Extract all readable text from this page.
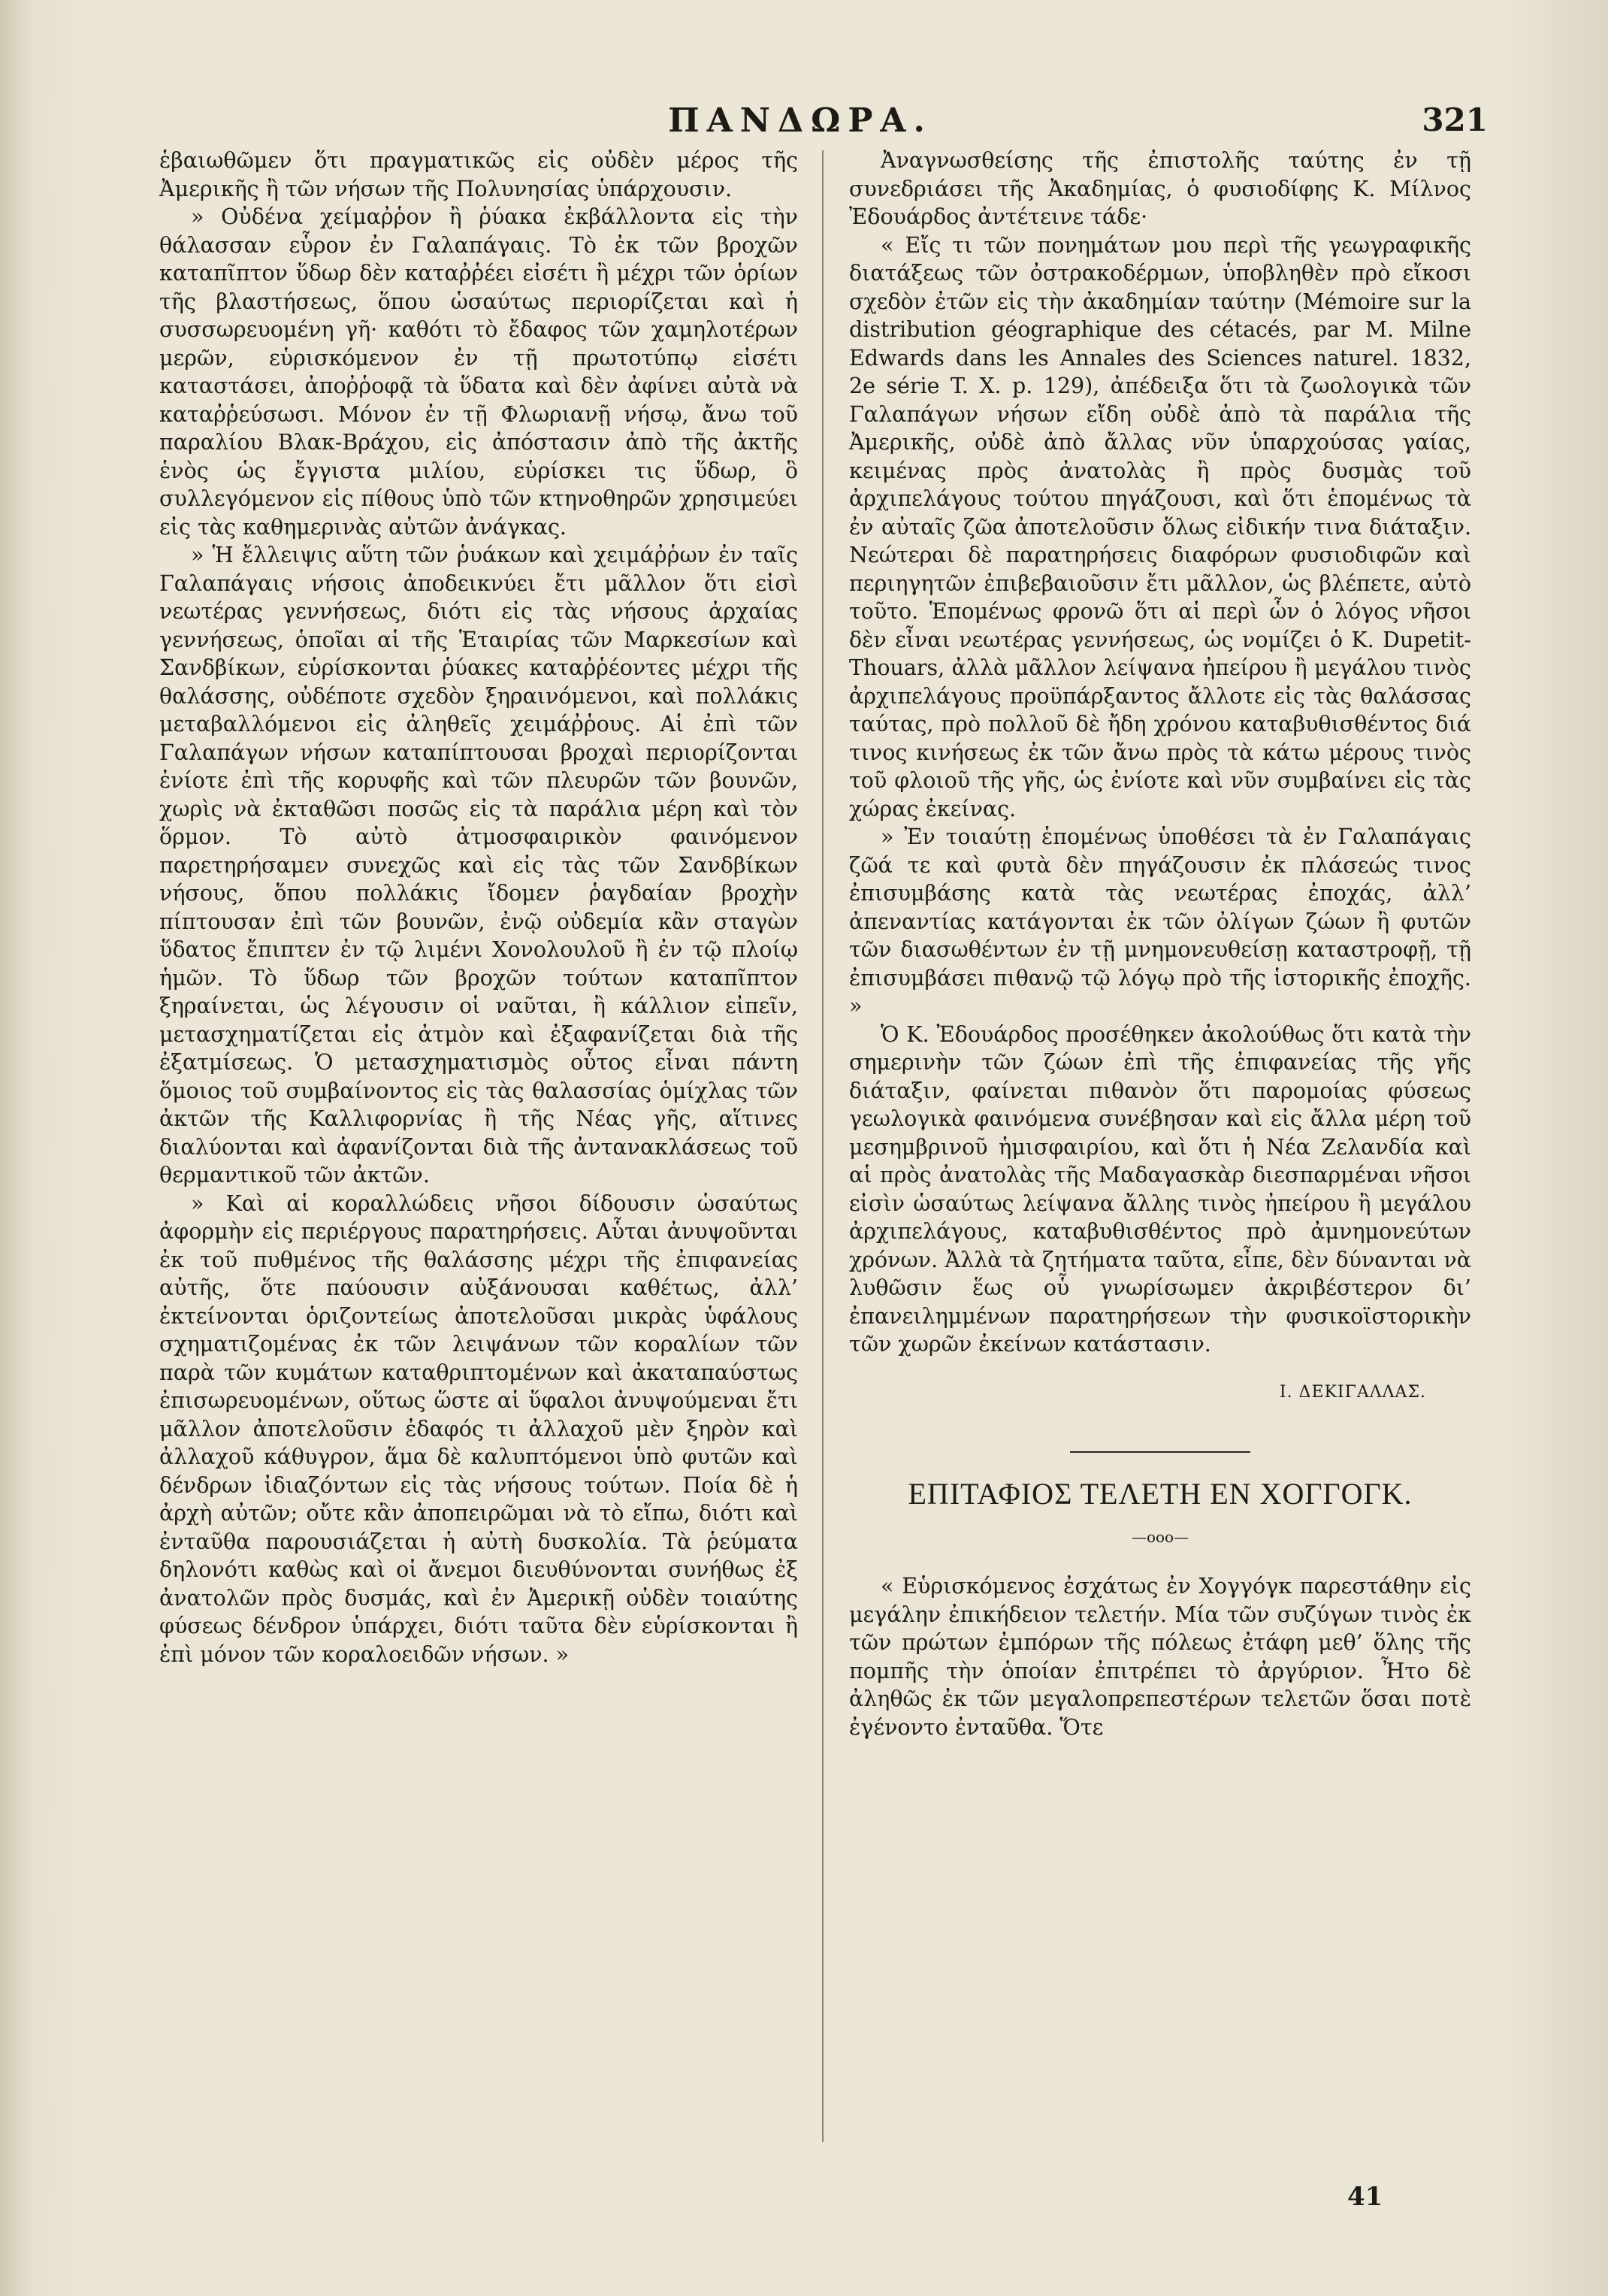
ΠΑΝΔΩΡΑ.	321

ἑβαιωθῶμεν ὅτι πραγματικῶς εἰς οὐδὲν μέρος τῆς Ἀμερικῆς ἢ τῶν νήσων τῆς Πολυνησίας ὑπάρχουσιν.

» Οὐδένα χείμαῤῥον ἢ ῥύακα ἐκβάλλοντα εἰς τὴν θάλασσαν εὗρον ἐν Γαλαπάγαις. Τὸ ἐκ τῶν βροχῶν καταπῖπτον ὕδωρ δὲν καταῤῥέει εἰσέτι ἢ μέχρι τῶν ὁρίων τῆς βλαστήσεως, ὅπου ὡσαύτως περιορίζεται καὶ ἡ συσσωρευομένη γῆ· καθότι τὸ ἔδαφος τῶν χαμηλοτέρων μερῶν, εὑρισκόμενον ἐν τῇ πρωτοτύπῳ εἰσέτι καταστάσει, ἀποῤῥοφᾷ τὰ ὕδατα καὶ δὲν ἀφίνει αὐτὰ νὰ καταῤῥεύσωσι. Μόνον ἐν τῇ Φλωριανῇ νήσῳ, ἄνω τοῦ παραλίου Βλακ-Βράχου, εἰς ἀπόστασιν ἀπὸ τῆς ἀκτῆς ἑνὸς ὡς ἔγγιστα μιλίου, εὑρίσκει τις ὕδωρ, ὃ συλλεγόμενον εἰς πίθους ὑπὸ τῶν κτηνοθηρῶν χρησιμεύει εἰς τὰς καθημερινὰς αὐτῶν ἀνάγκας.

» Ἡ ἔλλειψις αὕτη τῶν ῥυάκων καὶ χειμάῤῥων ἐν ταῖς Γαλαπάγαις νήσοις ἀποδεικνύει ἔτι μᾶλλον ὅτι εἰσὶ νεωτέρας γεννήσεως, διότι εἰς τὰς νήσους ἀρχαίας γεννήσεως, ὁποῖαι αἱ τῆς Ἑταιρίας τῶν Μαρκεσίων καὶ Σανδβίκων, εὑρίσκονται ῥύακες καταῤῥέοντες μέχρι τῆς θαλάσσης, οὐδέποτε σχεδὸν ξηραινόμενοι, καὶ πολλάκις μεταβαλλόμενοι εἰς ἀληθεῖς χειμάῤῥους. Αἱ ἐπὶ τῶν Γαλαπάγων νήσων καταπίπτουσαι βροχαὶ περιορίζονται ἐνίοτε ἐπὶ τῆς κορυφῆς καὶ τῶν πλευρῶν τῶν βουνῶν, χωρὶς νὰ ἐκταθῶσι ποσῶς εἰς τὰ παράλια μέρη καὶ τὸν ὅρμον. Τὸ αὐτὸ ἀτμοσφαιρικὸν φαινόμενον παρετηρήσαμεν συνεχῶς καὶ εἰς τὰς τῶν Σανδβίκων νήσους, ὅπου πολλάκις ἴδομεν ῥαγδαίαν βροχὴν πίπτουσαν ἐπὶ τῶν βουνῶν, ἐνῷ οὐδεμία κἂν σταγὼν ὕδατος ἔπιπτεν ἐν τῷ λιμένι Χονολουλοῦ ἢ ἐν τῷ πλοίῳ ἡμῶν. Τὸ ὕδωρ τῶν βροχῶν τούτων καταπῖπτον ξηραίνεται, ὡς λέγουσιν οἱ ναῦται, ἢ κάλλιον εἰπεῖν, μετασχηματίζεται εἰς ἀτμὸν καὶ ἐξαφανίζεται διὰ τῆς ἐξατμίσεως. Ὁ μετασχηματισμὸς οὗτος εἶναι πάντη ὅμοιος τοῦ συμβαίνοντος εἰς τὰς θαλασσίας ὁμίχλας τῶν ἀκτῶν τῆς Καλλιφορνίας ἢ τῆς Νέας γῆς, αἵτινες διαλύονται καὶ ἀφανίζονται διὰ τῆς ἀντανακλάσεως τοῦ θερμαντικοῦ τῶν ἀκτῶν.

» Καὶ αἱ κοραλλώδεις νῆσοι δίδουσιν ὡσαύτως ἀφορμὴν εἰς περιέργους παρατηρήσεις. Αὗται ἀνυψοῦνται ἐκ τοῦ πυθμένος τῆς θαλάσσης μέχρι τῆς ἐπιφανείας αὐτῆς, ὅτε παύουσιν αὐξάνουσαι καθέτως, ἀλλ’ ἐκτείνονται ὁριζοντείως ἀποτελοῦσαι μικρὰς ὑφάλους σχηματιζομένας ἐκ τῶν λειψάνων τῶν κοραλίων τῶν παρὰ τῶν κυμάτων καταθριπτομένων καὶ ἀκαταπαύστως ἐπισωρευομένων, οὕτως ὥστε αἱ ὕφαλοι ἀνυψούμεναι ἔτι μᾶλλον ἀποτελοῦσιν ἐδαφός τι ἀλλαχοῦ μὲν ξηρὸν καὶ ἀλλαχοῦ κάθυγρον, ἅμα δὲ καλυπτόμενοι ὑπὸ φυτῶν καὶ δένδρων ἰδιαζόντων εἰς τὰς νήσους τούτων. Ποία δὲ ἡ ἀρχὴ αὐτῶν; οὔτε κἂν ἀποπειρῶμαι νὰ τὸ εἴπω, διότι καὶ ἐνταῦθα παρουσιάζεται ἡ αὐτὴ δυσκολία. Τὰ ῥεύματα δηλονότι καθὼς καὶ οἱ ἄνεμοι διευθύνονται συνήθως ἐξ ἀνατολῶν πρὸς δυσμάς, καὶ ἐν Ἀμερικῇ οὐδὲν τοιαύτης φύσεως δένδρον ὑπάρχει, διότι ταῦτα δὲν εὑρίσκονται ἢ ἐπὶ μόνον τῶν κοραλοειδῶν νήσων. »

Ἀναγνωσθείσης τῆς ἐπιστολῆς ταύτης ἐν τῇ συνεδριάσει τῆς Ἀκαδημίας, ὁ φυσιοδίφης Κ. Μίλνος Ἐδουάρδος ἀντέτεινε τάδε·

« Εἴς τι τῶν πονημάτων μου περὶ τῆς γεωγραφικῆς διατάξεως τῶν ὀστρακοδέρμων, ὑποβληθὲν πρὸ εἴκοσι σχεδὸν ἐτῶν εἰς τὴν ἀκαδημίαν ταύτην (Mémoire sur la distribution géographique des cétacés, par M. Milne Edwards dans les Annales des Sciences naturel. 1832, 2e série T. X. p. 129), ἀπέδειξα ὅτι τὰ ζωολογικὰ τῶν Γαλαπάγων νήσων εἴδη οὐδὲ ἀπὸ τὰ παράλια τῆς Ἀμερικῆς, οὐδὲ ἀπὸ ἄλλας νῦν ὑπαρχούσας γαίας, κειμένας πρὸς ἀνατολὰς ἢ πρὸς δυσμὰς τοῦ ἀρχιπελάγους τούτου πηγάζουσι, καὶ ὅτι ἑπομένως τὰ ἐν αὐταῖς ζῶα ἀποτελοῦσιν ὅλως εἰδικήν τινα διάταξιν. Νεώτεραι δὲ παρατηρήσεις διαφόρων φυσιοδιφῶν καὶ περιηγητῶν ἐπιβεβαιοῦσιν ἔτι μᾶλλον, ὡς βλέπετε, αὐτὸ τοῦτο. Ἑπομένως φρονῶ ὅτι αἱ περὶ ὧν ὁ λόγος νῆσοι δὲν εἶναι νεωτέρας γεννήσεως, ὡς νομίζει ὁ Κ. Dupetit-Thouars, ἀλλὰ μᾶλλον λείψανα ἠπείρου ἢ μεγάλου τινὸς ἀρχιπελάγους προϋπάρξαντος ἄλλοτε εἰς τὰς θαλάσσας ταύτας, πρὸ πολλοῦ δὲ ἤδη χρόνου καταβυθισθέντος διά τινος κινήσεως ἐκ τῶν ἄνω πρὸς τὰ κάτω μέρους τινὸς τοῦ φλοιοῦ τῆς γῆς, ὡς ἐνίοτε καὶ νῦν συμβαίνει εἰς τὰς χώρας ἐκείνας.

» Ἐν τοιαύτῃ ἑπομένως ὑποθέσει τὰ ἐν Γαλαπάγαις ζῶά τε καὶ φυτὰ δὲν πηγάζουσιν ἐκ πλάσεώς τινος ἐπισυμβάσης κατὰ τὰς νεωτέρας ἐποχάς, ἀλλ’ ἀπεναντίας κατάγονται ἐκ τῶν ὀλίγων ζώων ἢ φυτῶν τῶν διασωθέντων ἐν τῇ μνημονευθείσῃ καταστροφῇ, τῇ ἐπισυμβάσει πιθανῷ τῷ λόγῳ πρὸ τῆς ἱστορικῆς ἐποχῆς. »

Ὁ Κ. Ἐδουάρδος προσέθηκεν ἀκολούθως ὅτι κατὰ τὴν σημερινὴν τῶν ζώων ἐπὶ τῆς ἐπιφανείας τῆς γῆς διάταξιν, φαίνεται πιθανὸν ὅτι παρομοίας φύσεως γεωλογικὰ φαινόμενα συνέβησαν καὶ εἰς ἄλλα μέρη τοῦ μεσημβρινοῦ ἡμισφαιρίου, καὶ ὅτι ἡ Νέα Ζελανδία καὶ αἱ πρὸς ἀνατολὰς τῆς Μαδαγασκὰρ διεσπαρμέναι νῆσοι εἰσὶν ὡσαύτως λείψανα ἄλλης τινὸς ἠπείρου ἢ μεγάλου ἀρχιπελάγους, καταβυθισθέντος πρὸ ἀμνημονεύτων χρόνων. Ἀλλὰ τὰ ζητήματα ταῦτα, εἶπε, δὲν δύνανται νὰ λυθῶσιν ἕως οὗ γνωρίσωμεν ἀκριβέστερον δι’ ἐπανειλημμένων παρατηρήσεων τὴν φυσικοϊστορικὴν τῶν χωρῶν ἐκείνων κατάστασιν.

Ι. ΔΕΚΙΓΑΛΛΑΣ.
ΕΠΙΤΑΦΙΟΣ ΤΕΛΕΤΗ ΕΝ ΧΟΓΓΟΓΚ.
—ooo—

« Εὑρισκόμενος ἐσχάτως ἐν Χογγόγκ παρεστάθην εἰς μεγάλην ἐπικήδειον τελετήν. Μία τῶν συζύγων τινὸς ἐκ τῶν πρώτων ἐμπόρων τῆς πόλεως ἐτάφη μεθ’ ὅλης τῆς πομπῆς τὴν ὁποίαν ἐπιτρέπει τὸ ἀργύριον. Ἦτο δὲ ἀληθῶς ἐκ τῶν μεγαλοπρεπεστέρων τελετῶν ὅσαι ποτὲ ἐγένοντο ἐνταῦθα. Ὅτε

41
